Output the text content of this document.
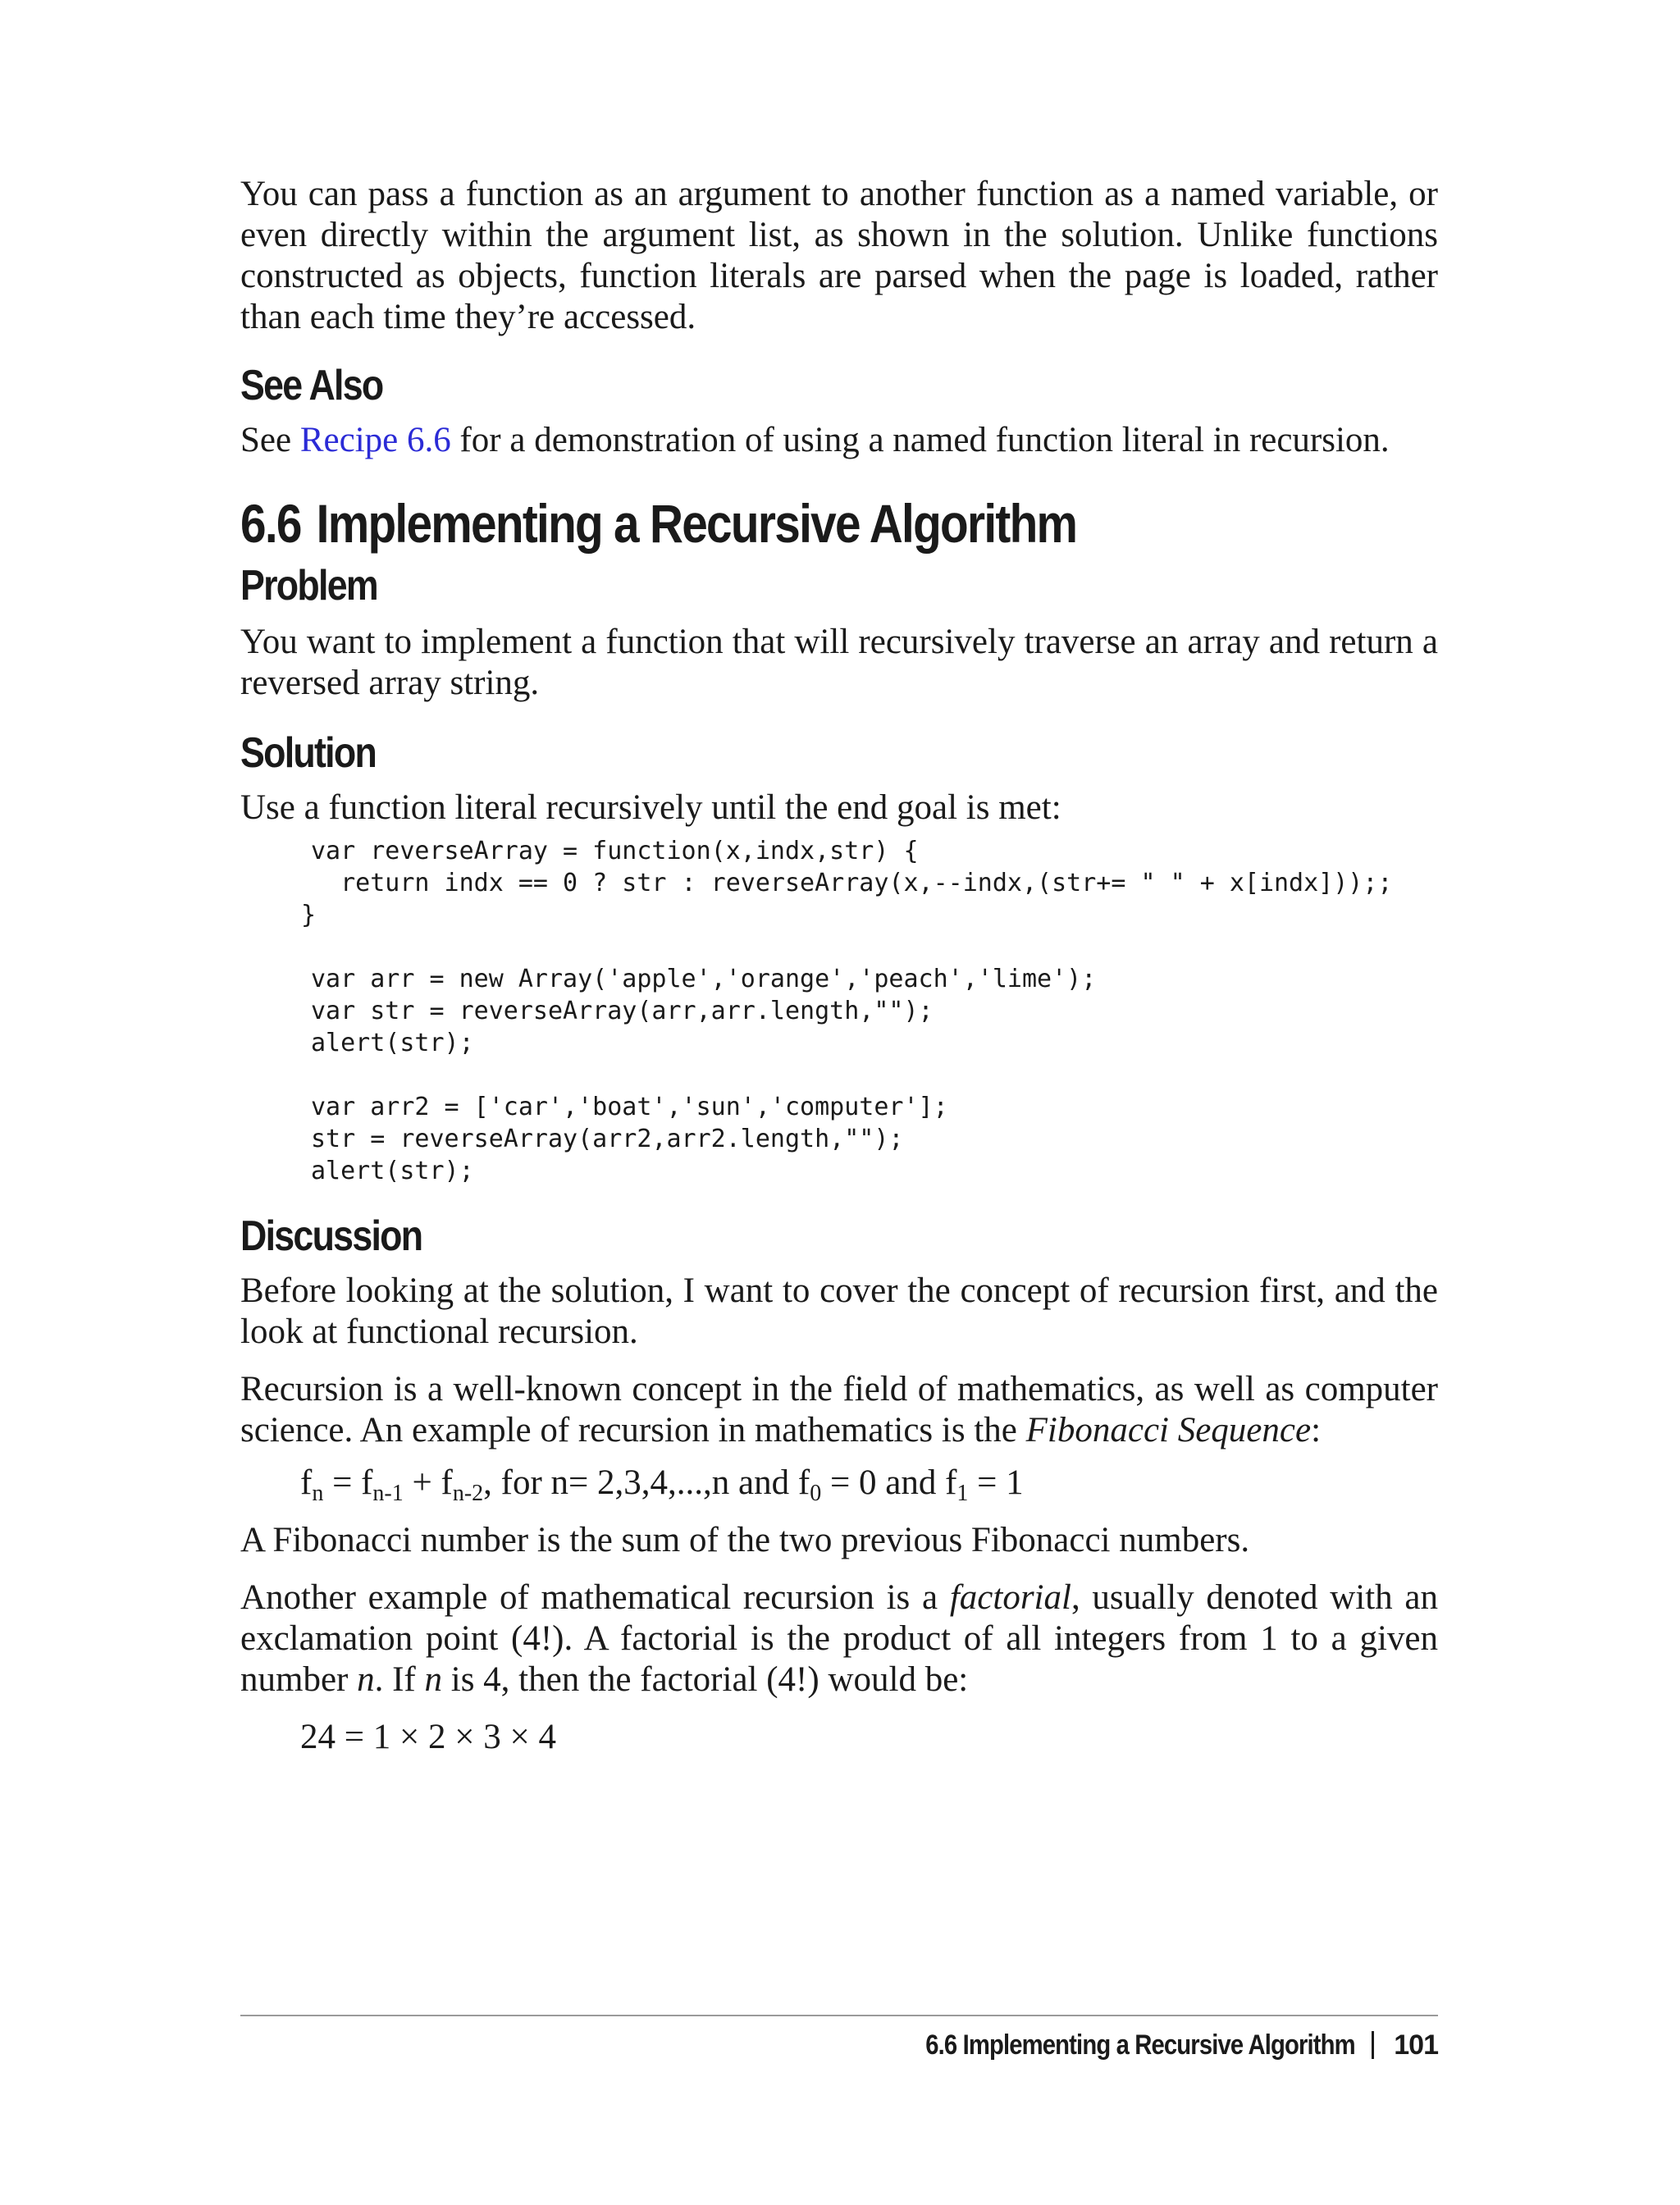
You can pass a function as an argument to another function as a named variable, or even directly within the argument list, as shown in the solution. Unlike functions constructed as objects, function literals are parsed when the page is loaded, rather than each time they’re accessed.

See Also

See Recipe 6.6 for a demonstration of using a named function literal in recursion.

6.6 Implementing a Recursive Algorithm
Problem

You want to implement a function that will recursively traverse an array and return a reversed array string.

Solution

Use a function literal recursively until the end goal is met:

var reverseArray = function(x,indx,str) {
return indx == 0 ? str : reverseArray(x,--indx,(str+= " " + x[indx]));;
}
var arr = new Array('apple','orange','peach','lime');
var str = reverseArray(arr,arr.length,"");
alert(str);
var arr2 = ['car','boat','sun','computer'];
str = reverseArray(arr2,arr2.length,"");
alert(str);
Discussion

Before looking at the solution, I want to cover the concept of recursion first, and the look at functional recursion.

Recursion is a well-known concept in the field of mathematics, as well as computer science. An example of recursion in mathematics is the Fibonacci Sequence:

$f_n = f_{n-1} + f_{n-2}$, for n= 2,3,4,...,n and $f_0 = 0$ and $f_1 = 1$

A Fibonacci number is the sum of the two previous Fibonacci numbers.

Another example of mathematical recursion is a factorial, usually denoted with an exclamation point (4!). A factorial is the product of all integers from 1 to a given number n. If n is 4, then the factorial (4!) would be:

24 = 1 × 2 × 3 × 4

6.6 Implementing a Recursive Algorithm 101
